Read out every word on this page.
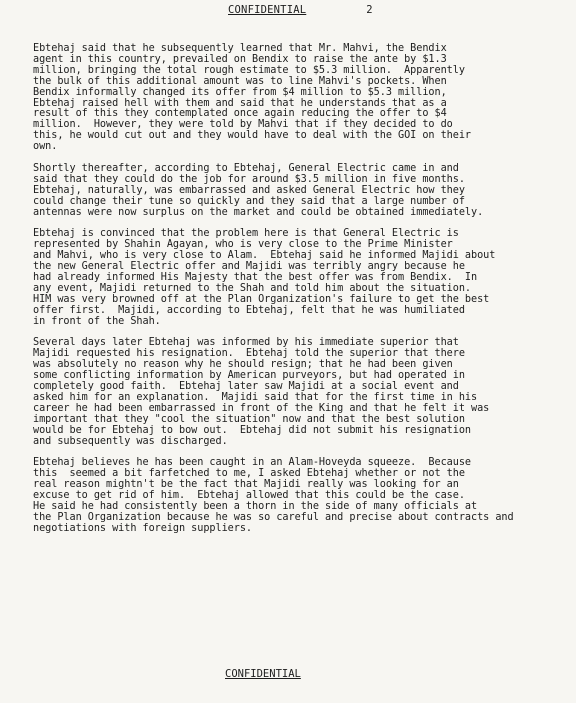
CONFIDENTIAL	2
Ebtehaj said that he subsequently learned that Mr. Mahvi, the Bendix
agent in this country, prevailed on Bendix to raise the ante by $1.3
million, bringing the total rough estimate to $5.3 million.  Apparently
the bulk of this additional amount was to line Mahvi's pockets. When
Bendix informally changed its offer from $4 million to $5.3 million,
Ebtehaj raised hell with them and said that he understands that as a
result of this they contemplated once again reducing the offer to $4
million.  However, they were told by Mahvi that if they decided to do
this, he would cut out and they would have to deal with the GOI on their
own.
Shortly thereafter, according to Ebtehaj, General Electric came in and
said that they could do the job for around $3.5 million in five months.
Ebtehaj, naturally, was embarrassed and asked General Electric how they
could change their tune so quickly and they said that a large number of
antennas were now surplus on the market and could be obtained immediately.
Ebtehaj is convinced that the problem here is that General Electric is
represented by Shahin Agayan, who is very close to the Prime Minister
and Mahvi, who is very close to Alam.  Ebtehaj said he informed Majidi about
the new General Electric offer and Majidi was terribly angry because he
had already informed His Majesty that the best offer was from Bendix.  In
any event, Majidi returned to the Shah and told him about the situation.
HIM was very browned off at the Plan Organization's failure to get the best
offer first.  Majidi, according to Ebtehaj, felt that he was humiliated
in front of the Shah.
Several days later Ebtehaj was informed by his immediate superior that
Majidi requested his resignation.  Ebtehaj told the superior that there
was absolutely no reason why he should resign; that he had been given
some conflicting information by American purveyors, but had operated in
completely good faith.  Ebtehaj later saw Majidi at a social event and
asked him for an explanation.  Majidi said that for the first time in his
career he had been embarrassed in front of the King and that he felt it was
important that they "cool the situation" now and that the best solution
would be for Ebtehaj to bow out.  Ebtehaj did not submit his resignation
and subsequently was discharged.
Ebtehaj believes he has been caught in an Alam-Hoveyda squeeze.  Because
this  seemed a bit farfetched to me, I asked Ebtehaj whether or not the
real reason mightn't be the fact that Majidi really was looking for an
excuse to get rid of him.  Ebtehaj allowed that this could be the case.
He said he had consistently been a thorn in the side of many officials at
the Plan Organization because he was so careful and precise about contracts and
negotiations with foreign suppliers.
CONFIDENTIAL
